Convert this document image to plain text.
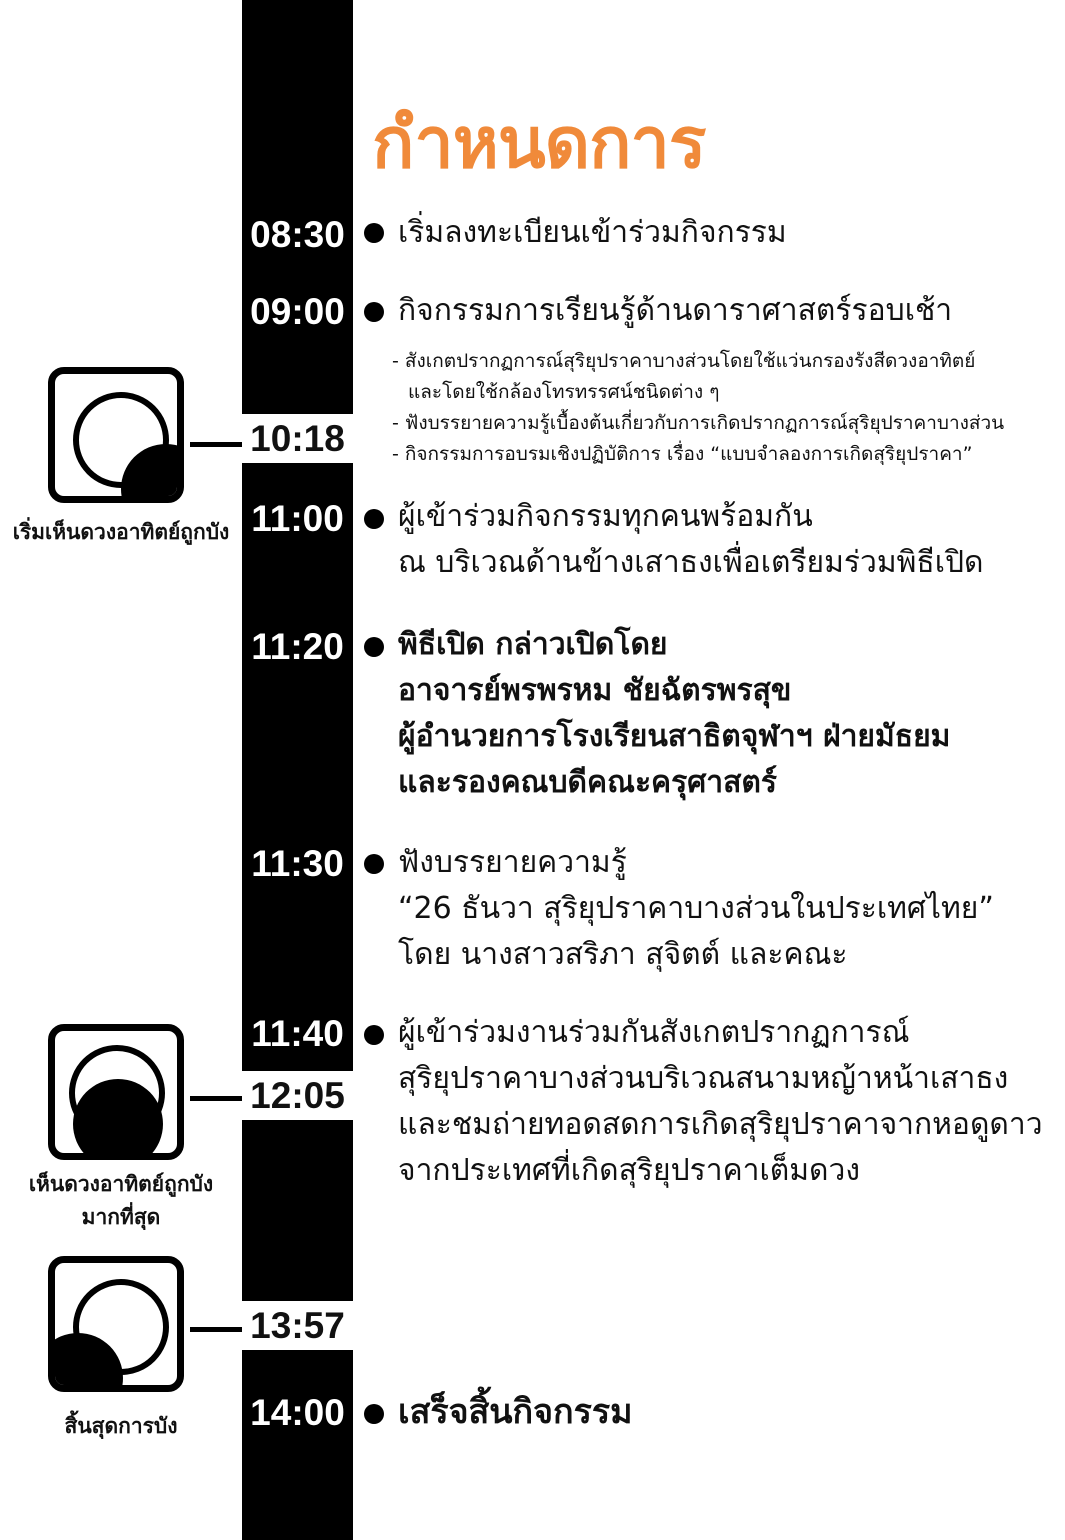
กำหนดการ
08:30 เริ่มลงทะเบียนเข้าร่วมกิจกรรม
09:00 กิจกรรมการเรียนรู้ด้านดาราศาสตร์รอบเช้า
- สังเกตปรากฏการณ์สุริยุปราคาบางส่วนโดยใช้แว่นกรองรังสีดวงอาทิตย์
และโดยใช้กล้องโทรทรรศน์ชนิดต่าง ๆ
- ฟังบรรยายความรู้เบื้องต้นเกี่ยวกับการเกิดปรากฏการณ์สุริยุปราคาบางส่วน
- กิจกรรมการอบรมเชิงปฏิบัติการ เรื่อง “แบบจำลองการเกิดสุริยุปราคา”
11:00	ผู้เข้าร่วมกิจกรรมทุกคนพร้อมกัน
ณ บริเวณด้านข้างเสาธงเพื่อเตรียมร่วมพิธีเปิด
11:20	พิธีเปิด กล่าวเปิดโดย
อาจารย์พรพรหม ชัยฉัตรพรสุข
ผู้อำนวยการโรงเรียนสาธิตจุฬาฯ ฝ่ายมัธยม
และรองคณบดีคณะครุศาสตร์
11:30	ฟังบรรยายความรู้
“26 ธันวา สุริยุปราคาบางส่วนในประเทศไทย”
โดย นางสาวสริภา สุจิตต์ และคณะ
11:40	ผู้เข้าร่วมงานร่วมกันสังเกตปรากฏการณ์
สุริยุปราคาบางส่วนบริเวณสนามหญ้าหน้าเสาธง
และชมถ่ายทอดสดการเกิดสุริยุปราคาจากหอดูดาว
จากประเทศที่เกิดสุริยุปราคาเต็มดวง
14:00 เสร็จสิ้นกิจกรรม
10:18
เริ่มเห็นดวงอาทิตย์ถูกบัง
12:05
เห็นดวงอาทิตย์ถูกบัง
มากที่สุด
13:57
สิ้นสุดการบัง
